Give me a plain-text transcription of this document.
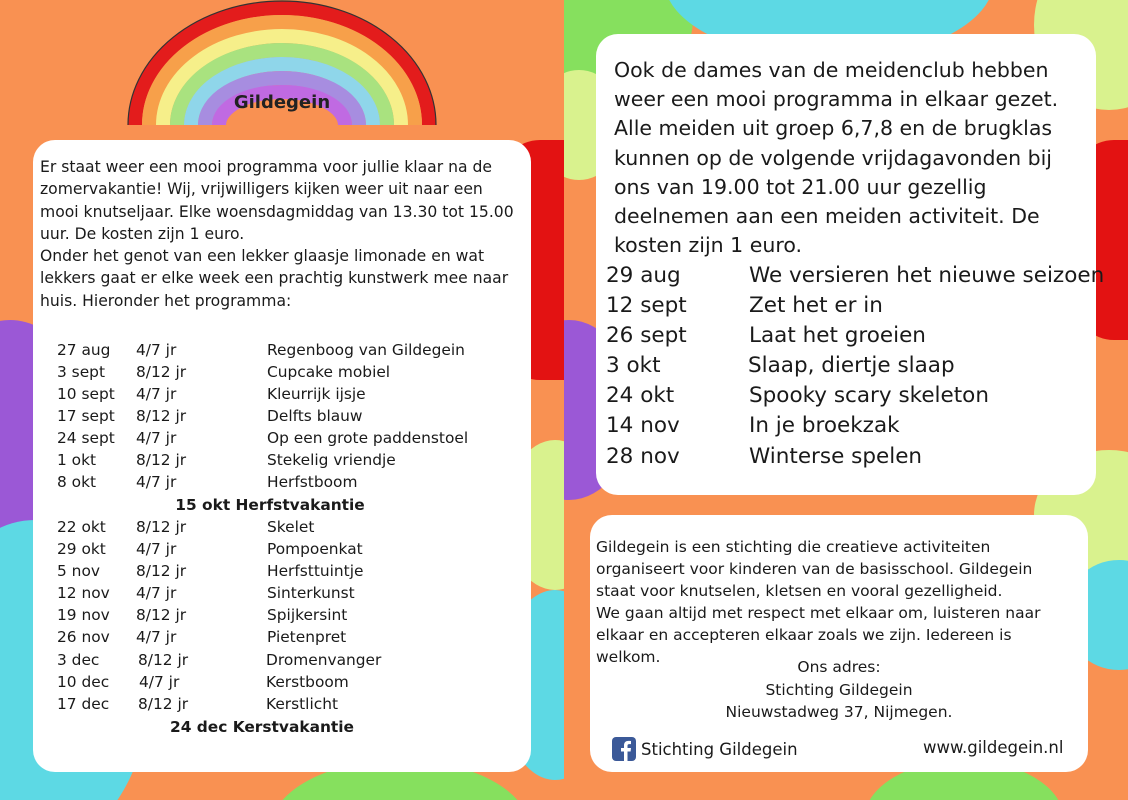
Gildegein

Er staat weer een mooi programma voor jullie klaar na de zomervakantie! Wij, vrijwilligers kijken weer uit naar een mooi knutseljaar. Elke woensdagmiddag van 13.30 tot 15.00 uur. De kosten zijn 1 euro.

Onder het genot van een lekker glaasje limonade en wat lekkers gaat er elke week een prachtig kunstwerk mee naar huis. Hieronder het programma:

27 aug 4/7 jr	Regenboog van Gildegein
3 sept 8/12 jr	Cupcake mobiel
10 sept 4/7 jr	Kleurrijk ijsje
17 sept 8/12 jr	Delfts blauw
24 sept 4/7 jr	Op een grote paddenstoel
1 okt	8/12 jr	Stekelig vriendje
8 okt	4/7 jr	Herfstboom
15 okt Herfstvakantie
22 okt 8/12 jr	Skelet
29 okt 4/7 jr	Pompoenkat
5 nov 8/12 jr	Herfsttuintje
12 nov 4/7 jr	Sinterkunst
19 nov 8/12 jr	Spijkersint
26 nov 4/7 jr	Pietenpret
3 dec	8/12 jr	Dromenvanger
10 dec 4/7 jr	Kerstboom
17 dec 8/12 jr	Kerstlicht
24 dec Kerstvakantie
Ook de dames van de meidenclub hebben weer een mooi programma in elkaar gezet. Alle meiden uit groep 6,7,8 en de brugklas kunnen op de volgende vrijdagavonden bij ons van 19.00 tot 21.00 uur gezellig deelnemen aan een meiden activiteit. De kosten zijn 1 euro.
29 aug	We versieren het nieuwe seizoen
12 sept	Zet het er in
26 sept	Laat het groeien
3 okt	Slaap, diertje slaap
24 okt	Spooky scary skeleton
14 nov	In je broekzak
28 nov	Winterse spelen

Gildegein is een stichting die creatieve activiteiten organiseert voor kinderen van de basisschool. Gildegein staat voor knutselen, kletsen en vooral gezelligheid.

We gaan altijd met respect met elkaar om, luisteren naar elkaar en accepteren elkaar zoals we zijn. Iedereen is welkom.

Ons adres:
Stichting Gildegein
Nieuwstadweg 37, Nijmegen.
Stichting Gildegein	www.gildegein.nl
